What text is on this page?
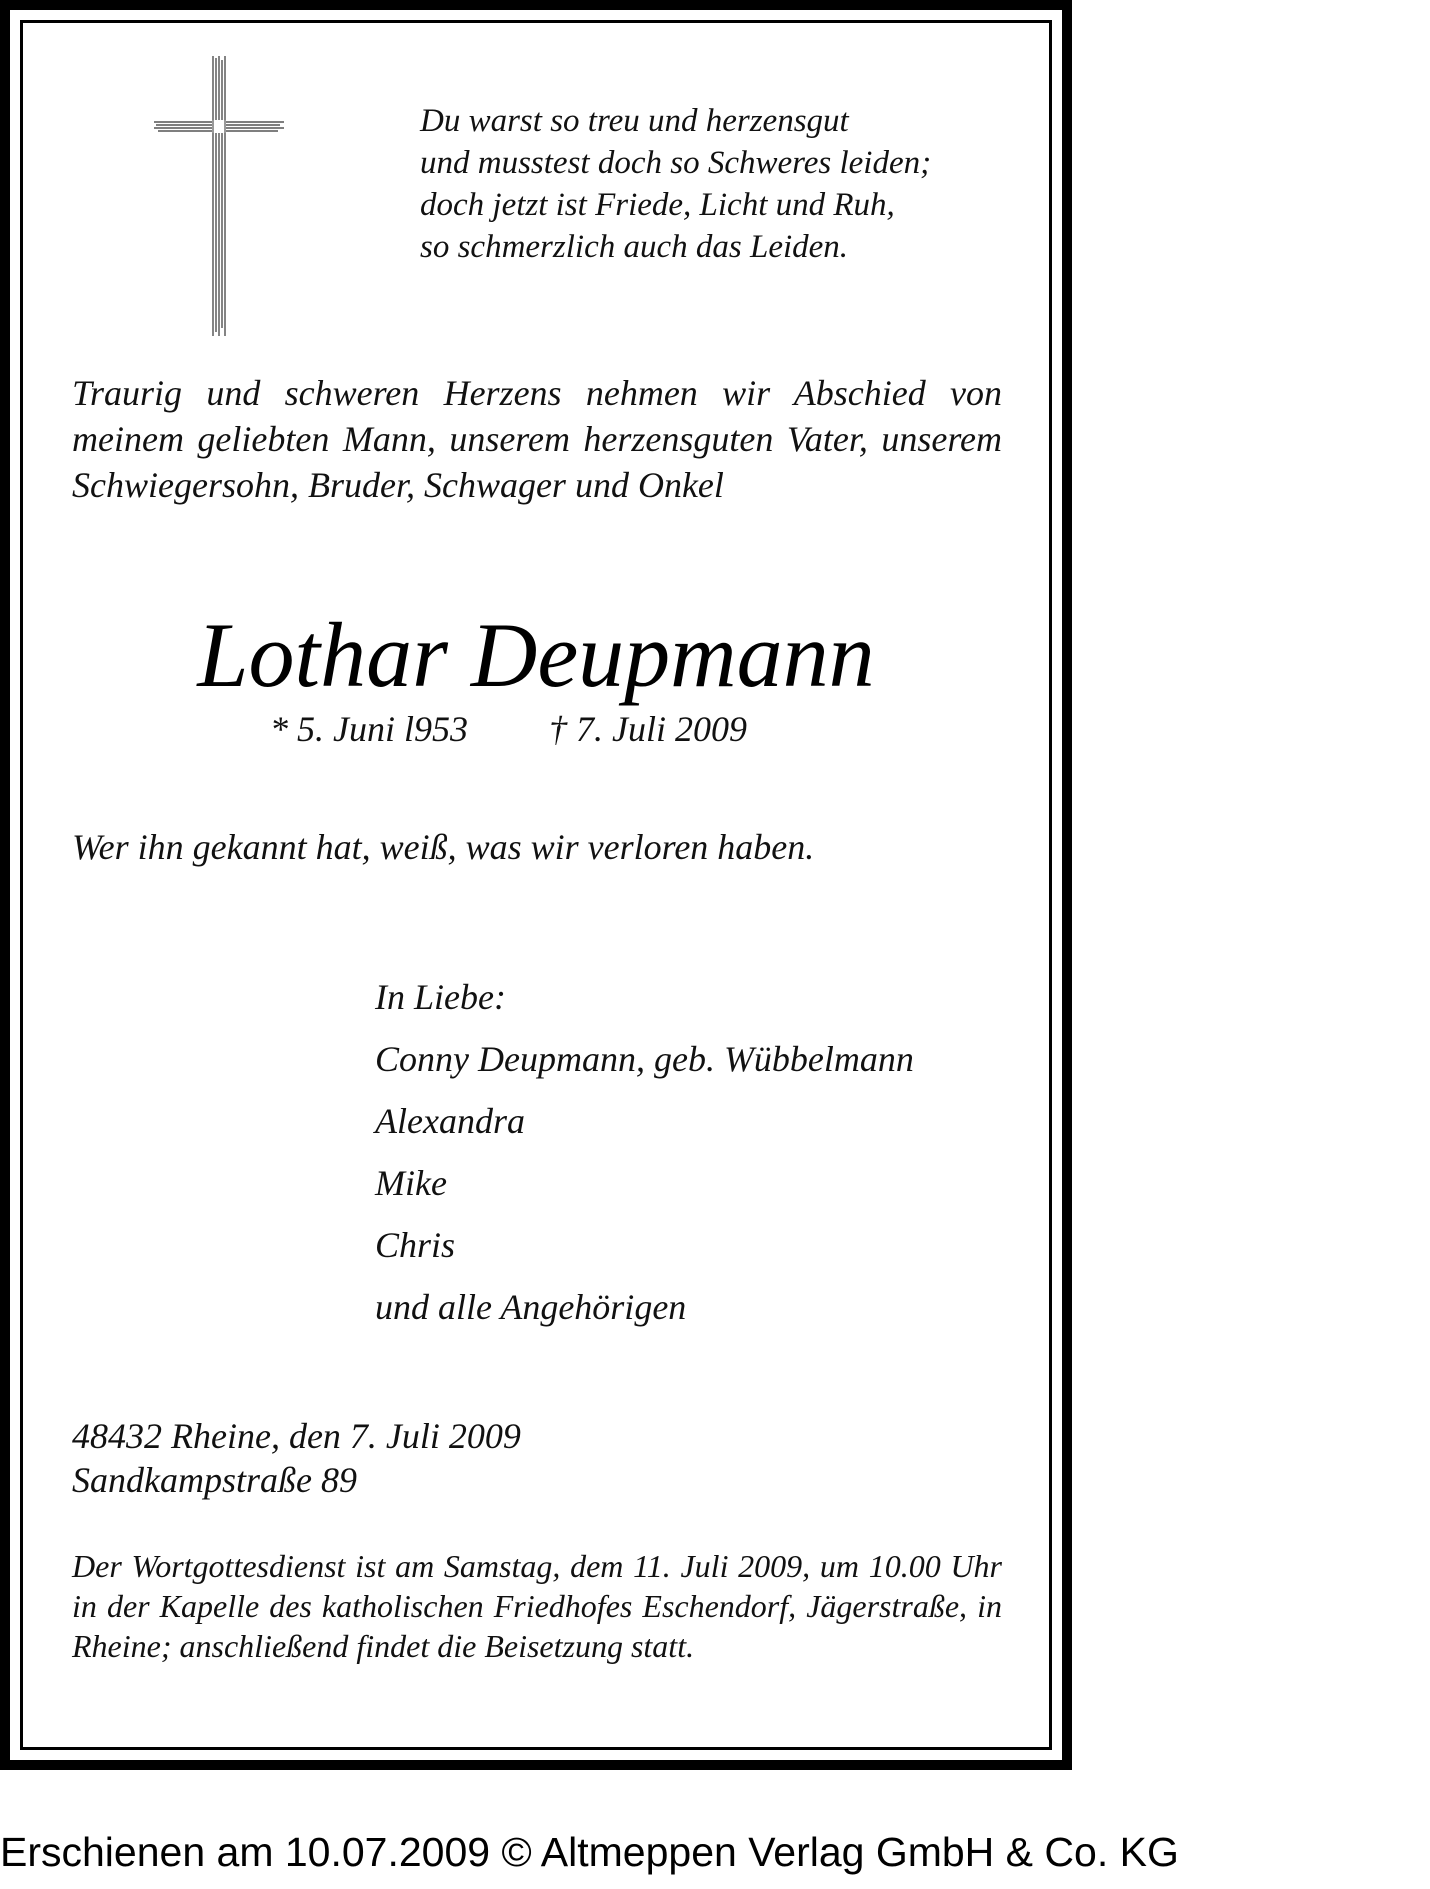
Du warst so treu und herzensgut
und musstest doch so Schweres leiden;
doch jetzt ist Friede, Licht und Ruh,
so schmerzlich auch das Leiden.
Traurig und schweren Herzens nehmen wir Abschied von meinem geliebten Mann, unserem herzensguten Vater, unserem Schwiegersohn, Bruder, Schwager und Onkel
Lothar Deupmann
* 5. Juni l953 † 7. Juli 2009
Wer ihn gekannt hat, weiß, was wir verloren haben.
In Liebe:
Conny Deupmann, geb. Wübbelmann
Alexandra
Mike
Chris
und alle Angehörigen
48432 Rheine, den 7. Juli 2009
Sandkampstraße 89
Der Wortgottesdienst ist am Samstag, dem 11. Juli 2009, um 10.00 Uhr in der Kapelle des katholischen Friedhofes Eschendorf, Jägerstraße, in Rheine; anschließend findet die Beisetzung statt.
Erschienen am 10.07.2009 © Altmeppen Verlag GmbH & Co. KG
